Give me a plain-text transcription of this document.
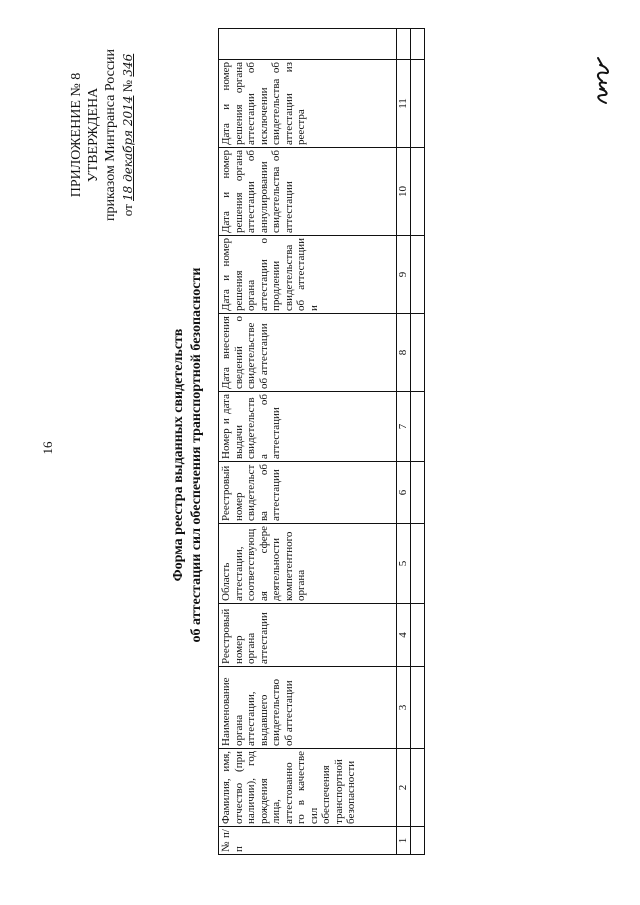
16
ПРИЛОЖЕНИЕ № 8 УТВЕРЖДЕНА приказом Минтранса России от 18 декабря 2014 № 346
Форма реестра выданных свидетельств об аттестации сил обеспечения транспортной безопасности
№ п/п	Фамилия, имя, отчество (при наличии), год рождения лица, аттестованно го в качестве сил обеспечения транспортной безопасности	Наименование органа аттестации, выдавшего свидетельство об аттестации	Реестровый номер органа аттестации	Область аттестации, соответствующая сфере деятельности компетентного органа	Реестровый номер свидетельства об аттестации	Номер и дата выдачи свидетельства об аттестации	Дата внесения сведений о свидетельстве об аттестации	Дата и номер решения органа аттестации о продлении свидетельства об аттестации и	Дата и номер решения органа аттестации об аннулировании свидетельства об аттестации	Дата и номер решения органа аттестации об исключении свидетельства об аттестации из реестра	
1	2	3	4	5	6	7	8	9	10	11	
